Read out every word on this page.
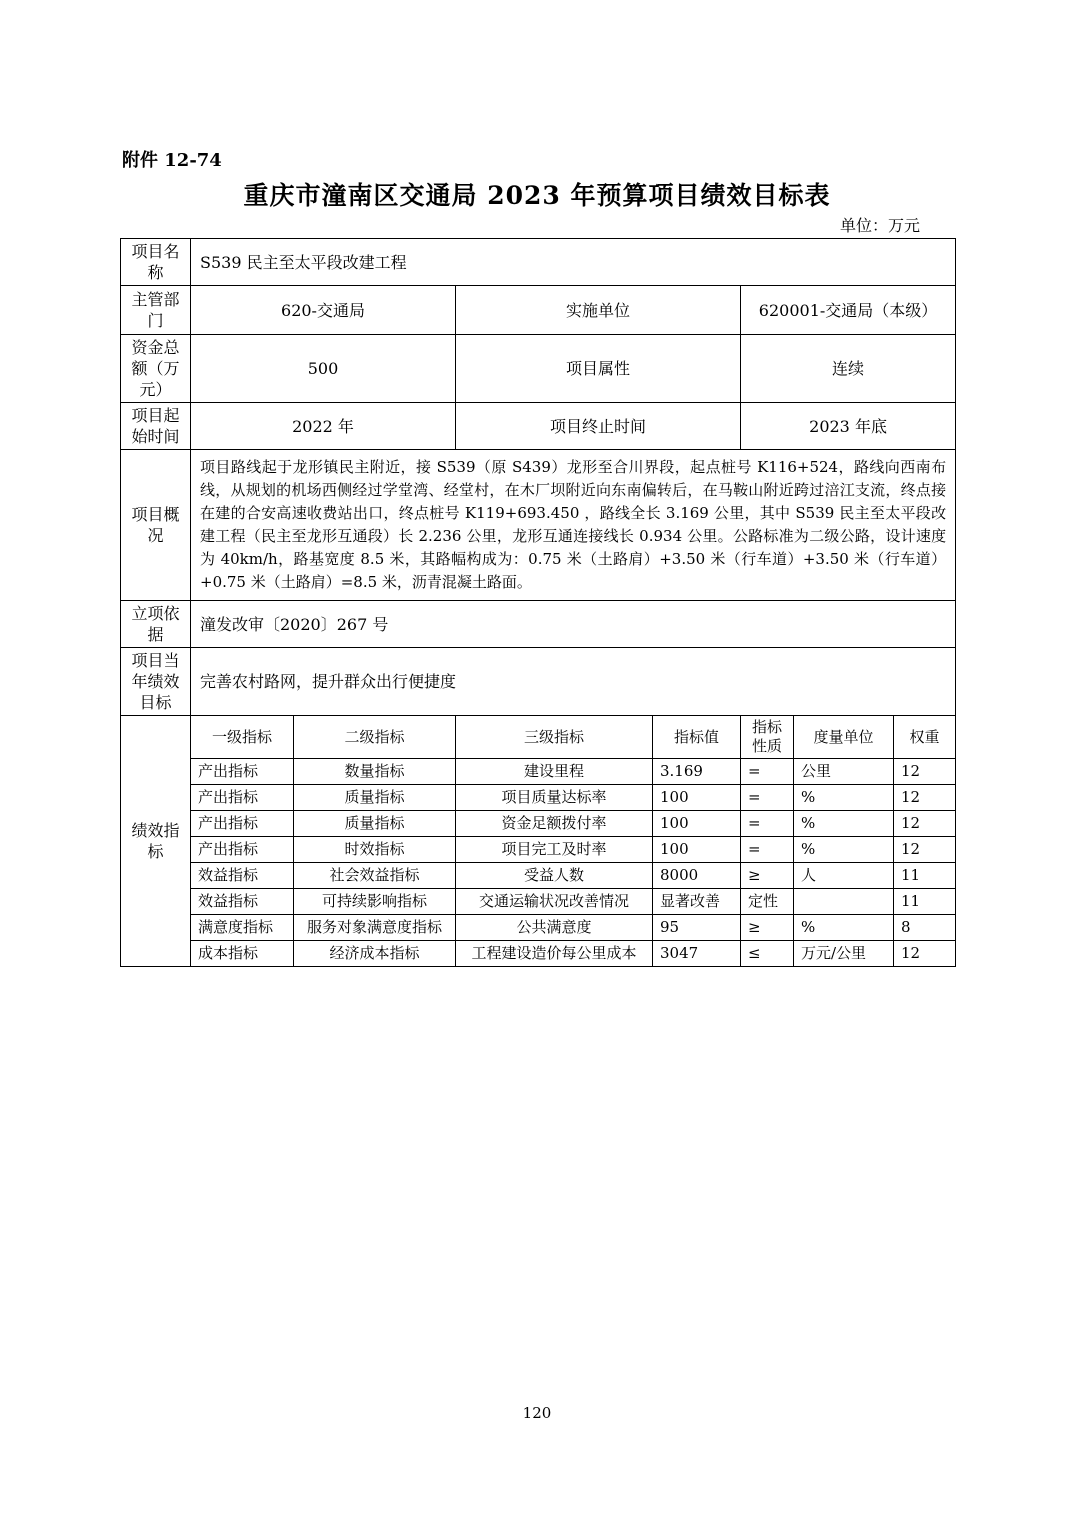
附件 12-74
重庆市潼南区交通局 2023 年预算项目绩效目标表
单位：万元
项目名称	S539 民主至太平段改建工程						
主管部门	620-交通局		实施单位		620001-交通局（本级）		
资金总额（万元）	500		项目属性		连续		
项目起始时间	2022 年		项目终止时间		2023 年底		
项目概况	项目路线起于龙形镇民主附近，接 S539（原 S439）龙形至合川界段，起点桩号 K116+524，路线向西南布线，从规划的机场西侧经过学堂湾、经堂村，在木厂坝附近向东南偏转后，在马鞍山附近跨过涪江支流，终点接在建的合安高速收费站出口，终点桩号 K119+693.450 ，路线全长 3.169 公里，其中 S539 民主至太平段改建工程（民主至龙形互通段）长 2.236 公里，龙形互通连接线长 0.934 公里。公路标准为二级公路，设计速度为 40km/h，路基宽度 8.5 米，其路幅构成为：0.75 米（土路肩）+3.50 米（行车道）+3.50 米（行车道）+0.75 米（土路肩）=8.5 米，沥青混凝土路面。						
立项依据	潼发改审〔2020〕267 号						
项目当年绩效目标	完善农村路网，提升群众出行便捷度						
绩效指标	一级指标	二级指标	三级指标	指标值	指标性质	度量单位	权重
	产出指标	数量指标	建设里程	3.169	=	公里	12
	产出指标	质量指标	项目质量达标率	100	=	%	12
	产出指标	质量指标	资金足额拨付率	100	=	%	12
	产出指标	时效指标	项目完工及时率	100	=	%	12
	效益指标	社会效益指标	受益人数	8000	≥	人	11
	效益指标	可持续影响指标	交通运输状况改善情况	显著改善	定性		11
	满意度指标	服务对象满意度指标	公共满意度	95	≥	%	8
	成本指标	经济成本指标	工程建设造价每公里成本	3047	≤	万元/公里	12
120
